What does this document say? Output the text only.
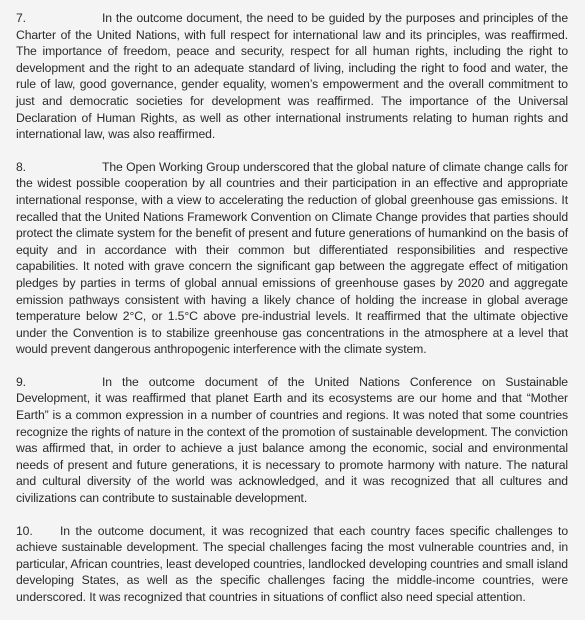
7.	In the outcome document, the need to be guided by the purposes and principles of the Charter of the United Nations, with full respect for international law and its principles, was reaffirmed. The importance of freedom, peace and security, respect for all human rights, including the right to development and the right to an adequate standard of living, including the right to food and water, the rule of law, good governance, gender equality, women’s empowerment and the overall commitment to just and democratic societies for development was reaffirmed. The importance of the Universal Declaration of Human Rights, as well as other international instruments relating to human rights and international law, was also reaffirmed.

8.	The Open Working Group underscored that the global nature of climate change calls for the widest possible cooperation by all countries and their participation in an effective and appropriate international response, with a view to accelerating the reduction of global greenhouse gas emissions. It recalled that the United Nations Framework Convention on Climate Change provides that parties should protect the climate system for the benefit of present and future generations of humankind on the basis of equity and in accordance with their common but differentiated responsibilities and respective capabilities. It noted with grave concern the significant gap between the aggregate effect of mitigation pledges by parties in terms of global annual emissions of greenhouse gases by 2020 and aggregate emission pathways consistent with having a likely chance of holding the increase in global average temperature below 2°C, or 1.5°C above pre-industrial levels. It reaffirmed that the ultimate objective under the Convention is to stabilize greenhouse gas concentrations in the atmosphere at a level that would prevent dangerous anthropogenic interference with the climate system.

9.	In the outcome document of the United Nations Conference on Sustainable Development, it was reaffirmed that planet Earth and its ecosystems are our home and that “Mother Earth” is a common expression in a number of countries and regions. It was noted that some countries recognize the rights of nature in the context of the promotion of sustainable development. The conviction was affirmed that, in order to achieve a just balance among the economic, social and environmental needs of present and future generations, it is necessary to promote harmony with nature. The natural and cultural diversity of the world was acknowledged, and it was recognized that all cultures and civilizations can contribute to sustainable development.

10. In the outcome document, it was recognized that each country faces specific challenges to achieve sustainable development. The special challenges facing the most vulnerable countries and, in particular, African countries, least developed countries, landlocked developing countries and small island developing States, as well as the specific challenges facing the middle-income countries, were underscored. It was recognized that countries in situations of conflict also need special attention.
